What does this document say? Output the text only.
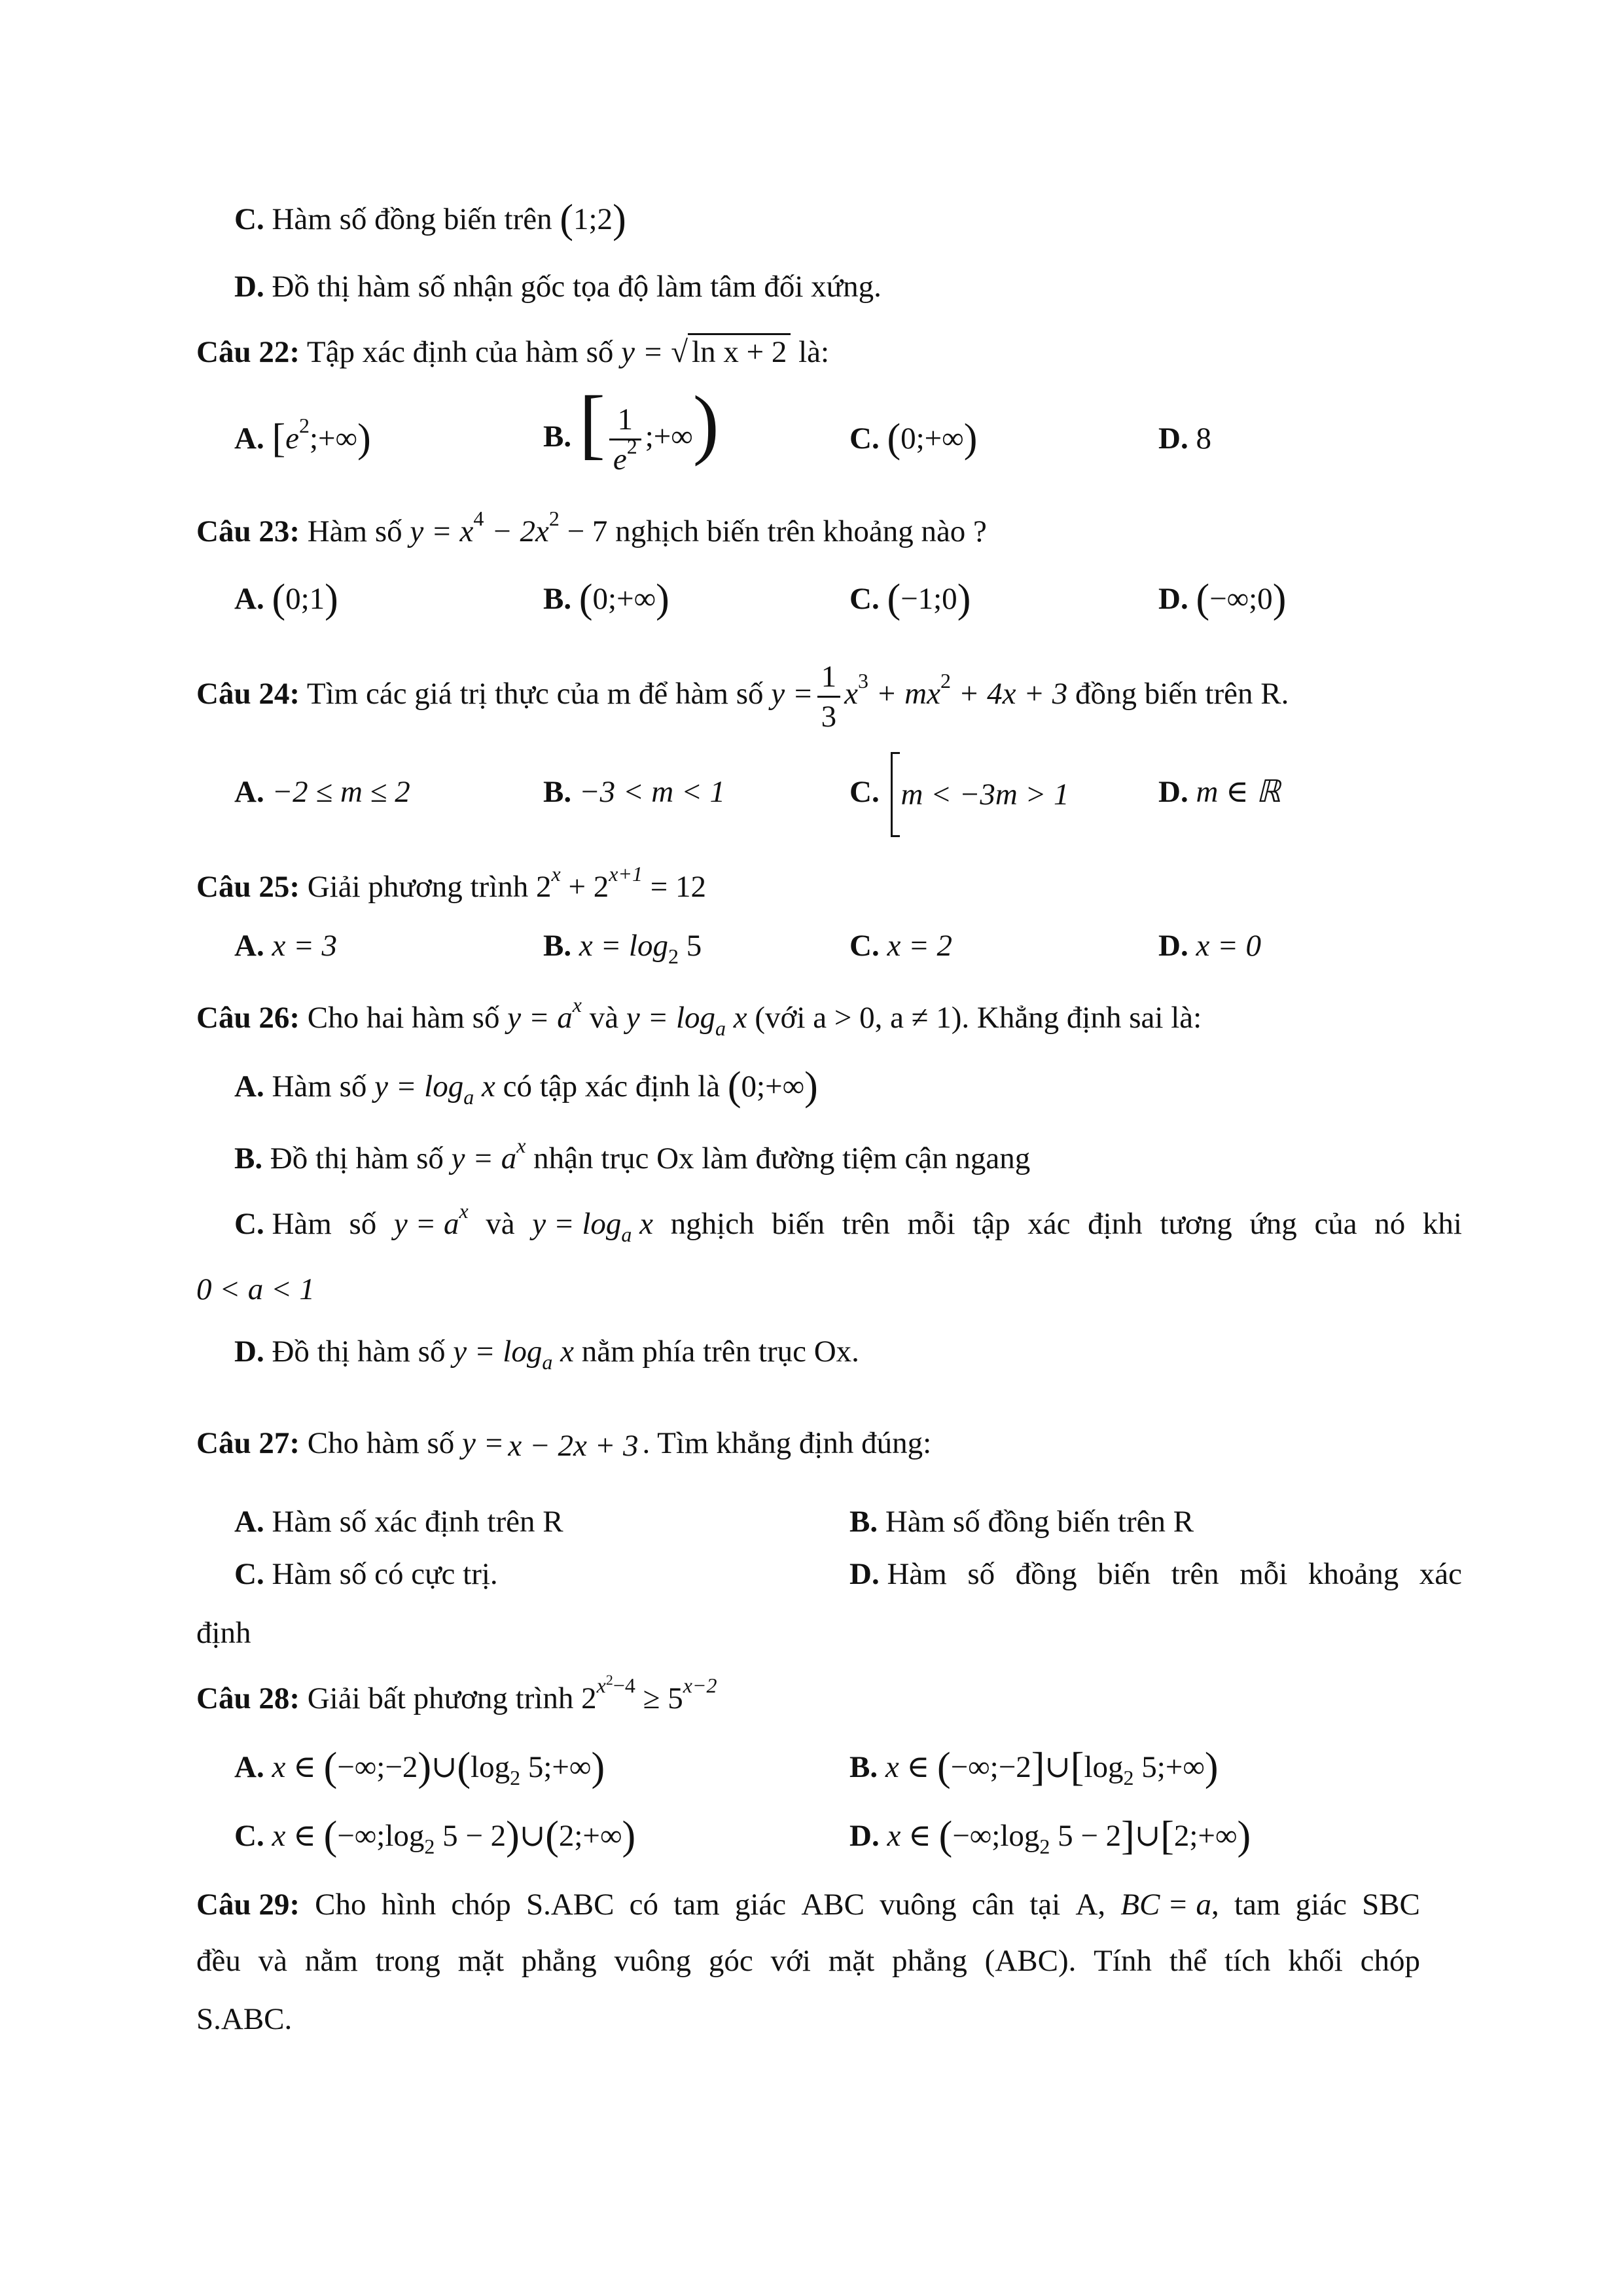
C. Hàm số đồng biến trên (1;2)
D. Đồ thị hàm số nhận gốc tọa độ làm tâm đối xứng.
Câu 22: Tập xác định của hàm số y = √ ln x + 2 là:
A. $[e^2;+\infty)$	B. [ $\frac{1}{e^2}$ ;+∞)	C. (0;+∞)	D. 8
Câu 23: Hàm số $y = x^4 - 2x^2 - 7$ nghịch biến trên khoảng nào ?
A. (0;1)	B. (0;+∞)	C. (−1;0)	D. (−∞;0)
Câu 24: Tìm các giá trị thực của m để hàm số $y = \frac{1}{3} x^3 + mx^2 + 4x + 3$ đồng biến trên R.
A. −2 ≤ m ≤ 2	B. −3 < m < 1	C. m < −3m > 1	D. m ∈ ℝ
Câu 25: Giải phương trình $2^x + 2^{x+1} = 12$
A. x = 3	B. $x = \log_2 5$	C. x = 2	D. x = 0
Câu 26: Cho hai hàm số $y = a^x$ và $y = \log_a x$ (với a > 0, a ≠ 1). Khẳng định sai là:
A. Hàm số $y = \log_a x$ có tập xác định là (0;+∞)
B. Đồ thị hàm số $y = a^x$ nhận trục Ox làm đường tiệm cận ngang
C. Hàm số $y = a^x$ và $y = \log_a x$ nghịch biến trên mỗi tập xác định tương ứng của nó khi
0 < a < 1
D. Đồ thị hàm số $y = \log_a x$ nằm phía trên trục Ox.
Câu 27: Cho hàm số y = x − 2x + 3 . Tìm khẳng định đúng:
A. Hàm số xác định trên R	B. Hàm số đồng biến trên R
C. Hàm số có cực trị.	D. Hàm số đồng biến trên mỗi khoảng xác
định
Câu 28: Giải bất phương trình $2^{x^2-4} \ge 5^{x-2}$
A. x ∈ $(-\infty;-2)\cup(\log_2$ 5;+∞)	B. x ∈ $(-\infty;-2]\cup[\log_2$ 5;+∞)
C. x ∈ ($-\infty;\log_2$ 5 − 2)∪(2;+∞)	D. x ∈ ($-\infty;\log_2$ 5 − 2]∪[2;+∞)
Câu 29: Cho hình chóp S.ABC có tam giác ABC vuông cân tại A, BC = a, tam giác SBC
đều và nằm trong mặt phẳng vuông góc với mặt phẳng (ABC). Tính thể tích khối chóp
S.ABC.
